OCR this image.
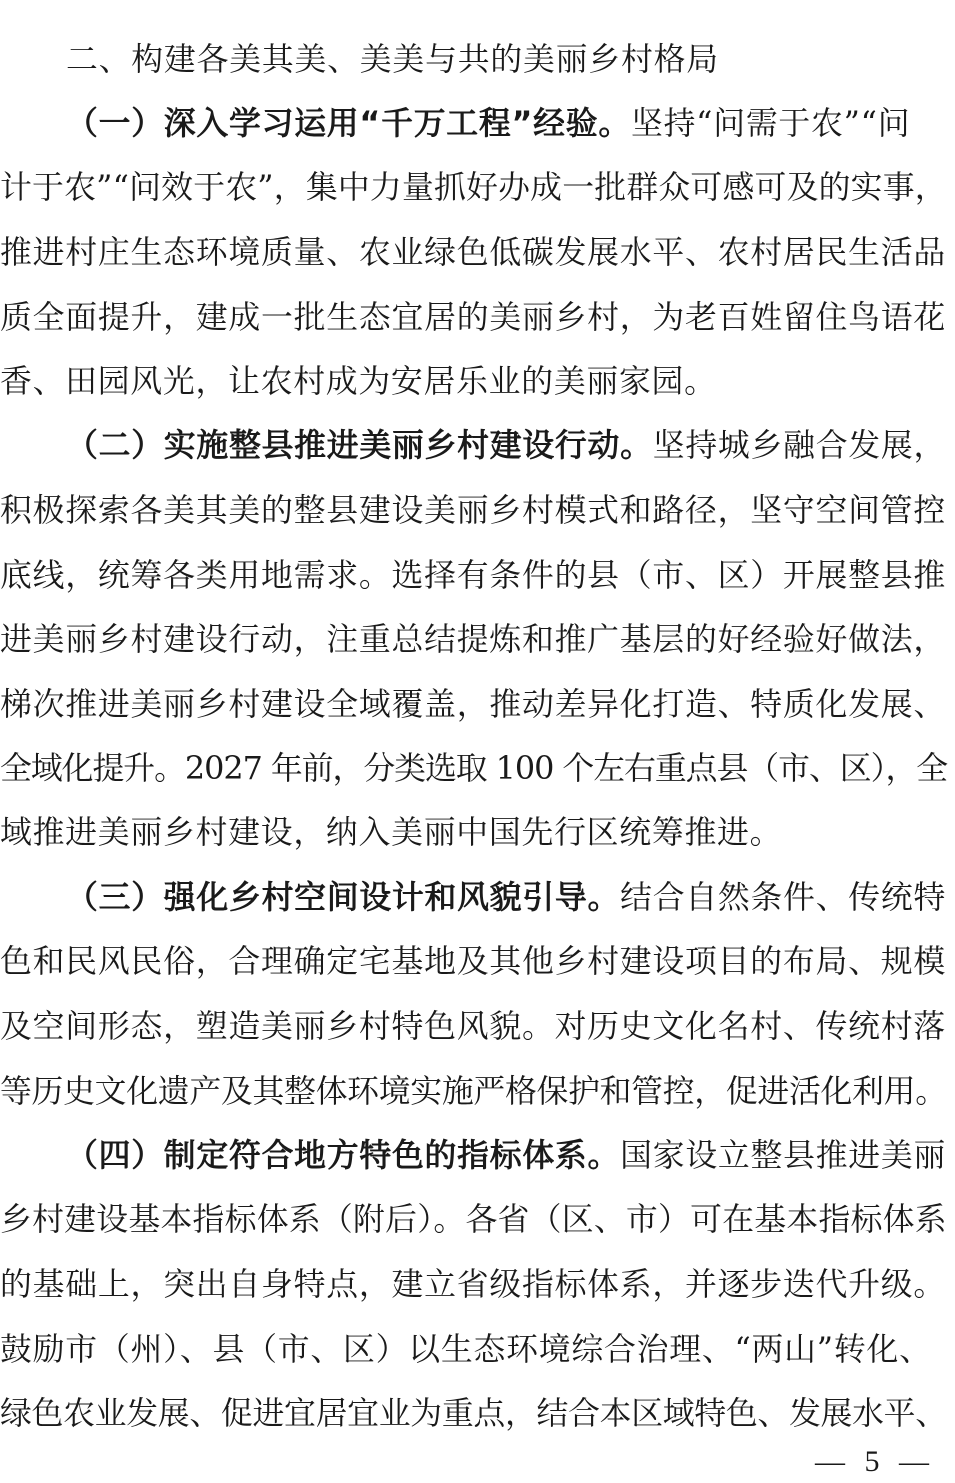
二、构建各美其美、美美与共的美丽乡村格局
（一）深入学习运用“千万工程”经验。坚持“问需于农”“问
计于农”“问效于农”，集中力量抓好办成一批群众可感可及的实事，
推进村庄生态环境质量、农业绿色低碳发展水平、农村居民生活品
质全面提升，建成一批生态宜居的美丽乡村，为老百姓留住鸟语花
香、田园风光，让农村成为安居乐业的美丽家园。
（二）实施整县推进美丽乡村建设行动。坚持城乡融合发展，
积极探索各美其美的整县建设美丽乡村模式和路径，坚守空间管控
底线，统筹各类用地需求。选择有条件的县（市、区）开展整县推
进美丽乡村建设行动，注重总结提炼和推广基层的好经验好做法，
梯次推进美丽乡村建设全域覆盖，推动差异化打造、特质化发展、
全域化提升。2027 年前，分类选取 100 个左右重点县（市、区），全
域推进美丽乡村建设，纳入美丽中国先行区统筹推进。
（三）强化乡村空间设计和风貌引导。结合自然条件、传统特
色和民风民俗，合理确定宅基地及其他乡村建设项目的布局、规模
及空间形态，塑造美丽乡村特色风貌。对历史文化名村、传统村落
等历史文化遗产及其整体环境实施严格保护和管控，促进活化利用。
（四）制定符合地方特色的指标体系。国家设立整县推进美丽
乡村建设基本指标体系（附后）。各省（区、市）可在基本指标体系
的基础上，突出自身特点，建立省级指标体系，并逐步迭代升级。
鼓励市（州）、县（市、区）以生态环境综合治理、“两山”转化、
绿色农业发展、促进宜居宜业为重点，结合本区域特色、发展水平、
— 5 —
